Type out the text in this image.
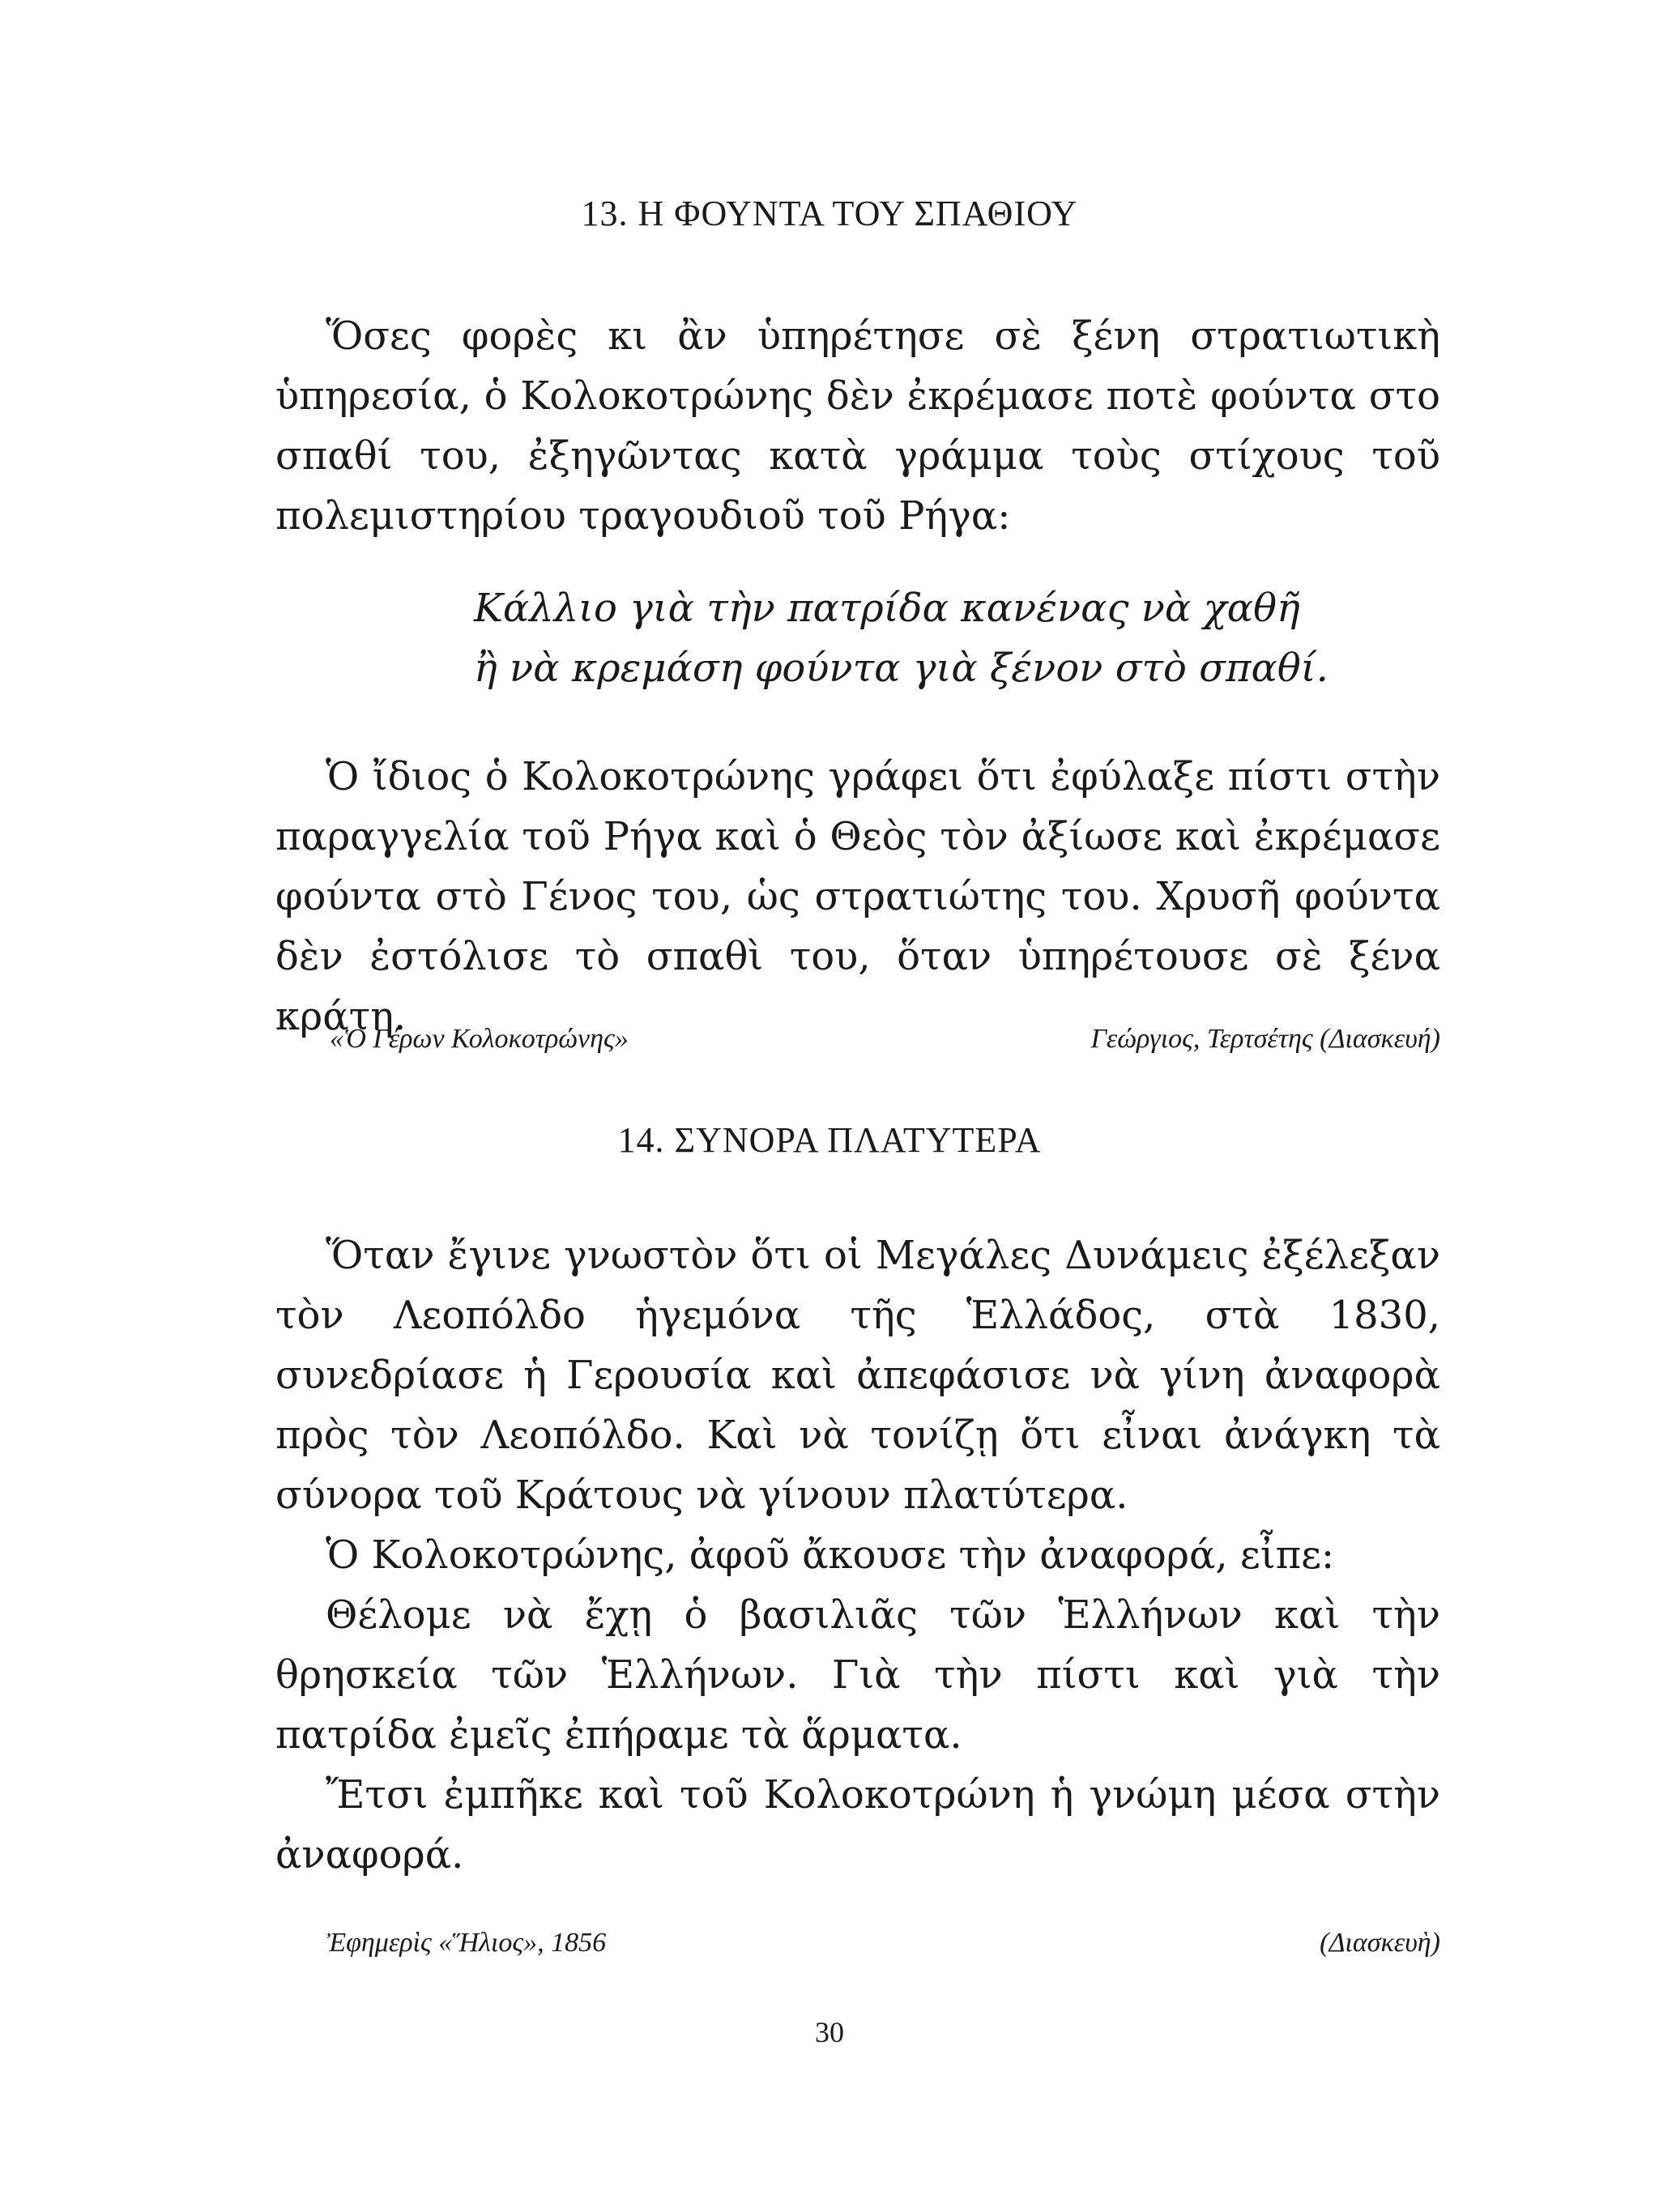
13. Η ΦΟΥΝΤΑ ΤΟΥ ΣΠΑΘΙΟΥ

Ὅσες φορὲς κι ἂν ὑπηρέτησε σὲ ξένη στρατιωτικὴ ὑπηρεσία, ὁ Κολοκοτρώνης δὲν ἐκρέμασε ποτὲ φούντα στο σπαθί του, ἐξηγῶντας κατὰ γράμμα τοὺς στίχους τοῦ πολεμιστηρίου τραγουδιοῦ τοῦ Ρήγα:

Κάλλιο γιὰ τὴν πατρίδα κανένας νὰ χαθῆ
ἢ νὰ κρεμάση φούντα γιὰ ξένον στὸ σπαθί.

Ὁ ἴδιος ὁ Κολοκοτρώνης γράφει ὅτι ἐφύλαξε πίστι στὴν παραγγελία τοῦ Ρήγα καὶ ὁ Θεὸς τὸν ἀξίωσε καὶ ἐκρέμασε φούντα στὸ Γένος του, ὡς στρατιώτης του. Χρυσῆ φούντα δὲν ἐστόλισε τὸ σπαθὶ του, ὅταν ὑπηρέτουσε σὲ ξένα κράτη.

«Ὁ Γέρων Κολοκοτρώνης»	Γεώργιος, Τερτσέτης (Διασκευή)
14. ΣΥΝΟΡΑ ΠΛΑΤΥΤΕΡΑ

Ὅταν ἔγινε γνωστὸν ὅτι οἱ Μεγάλες Δυνάμεις ἐξέλεξαν τὸν Λεοπόλδο ἡγεμόνα τῆς Ἑλλάδος, στὰ 1830, συνεδρίασε ἡ Γερουσία καὶ ἀπεφάσισε νὰ γίνη ἀναφορὰ πρὸς τὸν Λεοπόλδο. Καὶ νὰ τονίζῃ ὅτι εἶναι ἀνάγκη τὰ σύνορα τοῦ Κράτους νὰ γίνουν πλατύτερα.

Ὁ Κολοκοτρώνης, ἀφοῦ ἄκουσε τὴν ἀναφορά, εἶπε:

Θέλομε νὰ ἔχῃ ὁ βασιλιᾶς τῶν Ἑλλήνων καὶ τὴν θρησκεία τῶν Ἑλλήνων. Γιὰ τὴν πίστι καὶ γιὰ τὴν πατρίδα ἐμεῖς ἐπήραμε τὰ ἅρματα.

Ἔτσι ἐμπῆκε καὶ τοῦ Κολοκοτρώνη ἡ γνώμη μέσα στὴν ἀναφορά.

Ἐφημερὶς «Ἥλιος», 1856	(Διασκευὴ)
30
